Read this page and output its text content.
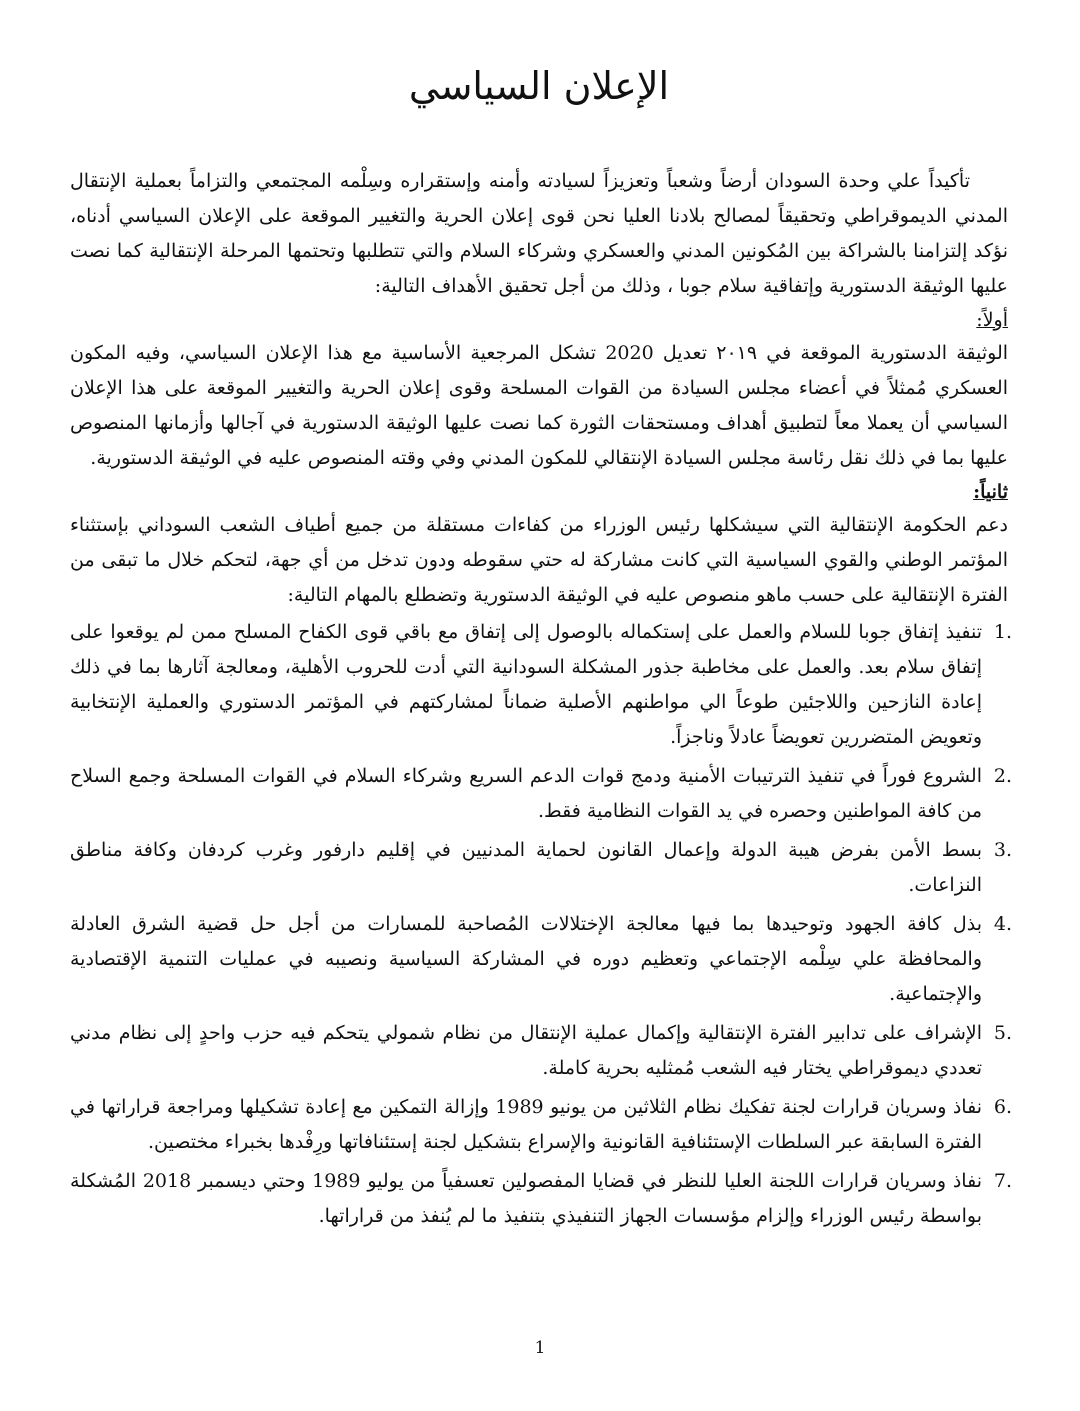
الإعلان السياسي

تأكيداً علي وحدة السودان أرضاً وشعباً وتعزيزاً لسيادته وأمنه وإستقراره وسِلْمه المجتمعي والتزاماً بعملية الإنتقال المدني الديموقراطي وتحقيقاً لمصالح بلادنا العليا نحن قوى إعلان الحرية والتغيير الموقعة على الإعلان السياسي أدناه، نؤكد إلتزامنا بالشراكة بين المُكونين المدني والعسكري وشركاء السلام والتي تتطلبها وتحتمها المرحلة الإنتقالية كما نصت عليها الوثيقة الدستورية وإتفاقية سلام جوبا ، وذلك من أجل تحقيق الأهداف التالية:

أولاً:

الوثيقة الدستورية الموقعة في ٢٠١٩ تعديل 2020 تشكل المرجعية الأساسية مع هذا الإعلان السياسي، وفيه المكون العسكري مُمثلاً في أعضاء مجلس السيادة من القوات المسلحة وقوى إعلان الحرية والتغيير الموقعة على هذا الإعلان السياسي أن يعملا معاً لتطبيق أهداف ومستحقات الثورة كما نصت عليها الوثيقة الدستورية في آجالها وأزمانها المنصوص عليها بما في ذلك نقل رئاسة مجلس السيادة الإنتقالي للمكون المدني وفي وقته المنصوص عليه في الوثيقة الدستورية.

ثانياً:

دعم الحكومة الإنتقالية التي سيشكلها رئيس الوزراء من كفاءات مستقلة من جميع أطياف الشعب السوداني بإستثناء المؤتمر الوطني والقوي السياسية التي كانت مشاركة له حتي سقوطه ودون تدخل من أي جهة، لتحكم خلال ما تبقى من الفترة الإنتقالية على حسب ماهو منصوص عليه في الوثيقة الدستورية وتضطلع بالمهام التالية:

1.
تنفيذ إتفاق جوبا للسلام والعمل على إستكماله بالوصول إلى إتفاق مع باقي قوى الكفاح المسلح ممن لم يوقعوا على إتفاق سلام بعد. والعمل على مخاطبة جذور المشكلة السودانية التي أدت للحروب الأهلية، ومعالجة آثارها بما في ذلك إعادة النازحين واللاجئين طوعاً الي مواطنهم الأصلية ضماناً لمشاركتهم في المؤتمر الدستوري والعملية الإنتخابية وتعويض المتضررين تعويضاً عادلاً وناجزاً.
2.
الشروع فوراً في تنفيذ الترتيبات الأمنية ودمج قوات الدعم السريع وشركاء السلام في القوات المسلحة وجمع السلاح من كافة المواطنين وحصره في يد القوات النظامية فقط.
3.
بسط الأمن بفرض هيبة الدولة وإعمال القانون لحماية المدنيين في إقليم دارفور وغرب كردفان وكافة مناطق النزاعات.
4.
بذل كافة الجهود وتوحيدها بما فيها معالجة الإختلالات المُصاحبة للمسارات من أجل حل قضية الشرق العادلة والمحافظة علي سِلْمه الإجتماعي وتعظيم دوره في المشاركة السياسية ونصيبه في عمليات التنمية الإقتصادية والإجتماعية.
5.
الإشراف على تدابير الفترة الإنتقالية وإكمال عملية الإنتقال من نظام شمولي يتحكم فيه حزب واحدٍ إلى نظام مدني تعددي ديموقراطي يختار فيه الشعب مُمثليه بحرية كاملة.
6.
نفاذ وسريان قرارات لجنة تفكيك نظام الثلاثين من يونيو 1989 وإزالة التمكين مع إعادة تشكيلها ومراجعة قراراتها في الفترة السابقة عبر السلطات الإستئنافية القانونية والإسراع بتشكيل لجنة إستئنافاتها ورِفْدها بخبراء مختصين.
7.
نفاذ وسريان قرارات اللجنة العليا للنظر في قضايا المفصولين تعسفياً من يوليو 1989 وحتي ديسمبر 2018 المُشكلة بواسطة رئيس الوزراء وإلزام مؤسسات الجهاز التنفيذي بتنفيذ ما لم يُنفذ من قراراتها.
1
